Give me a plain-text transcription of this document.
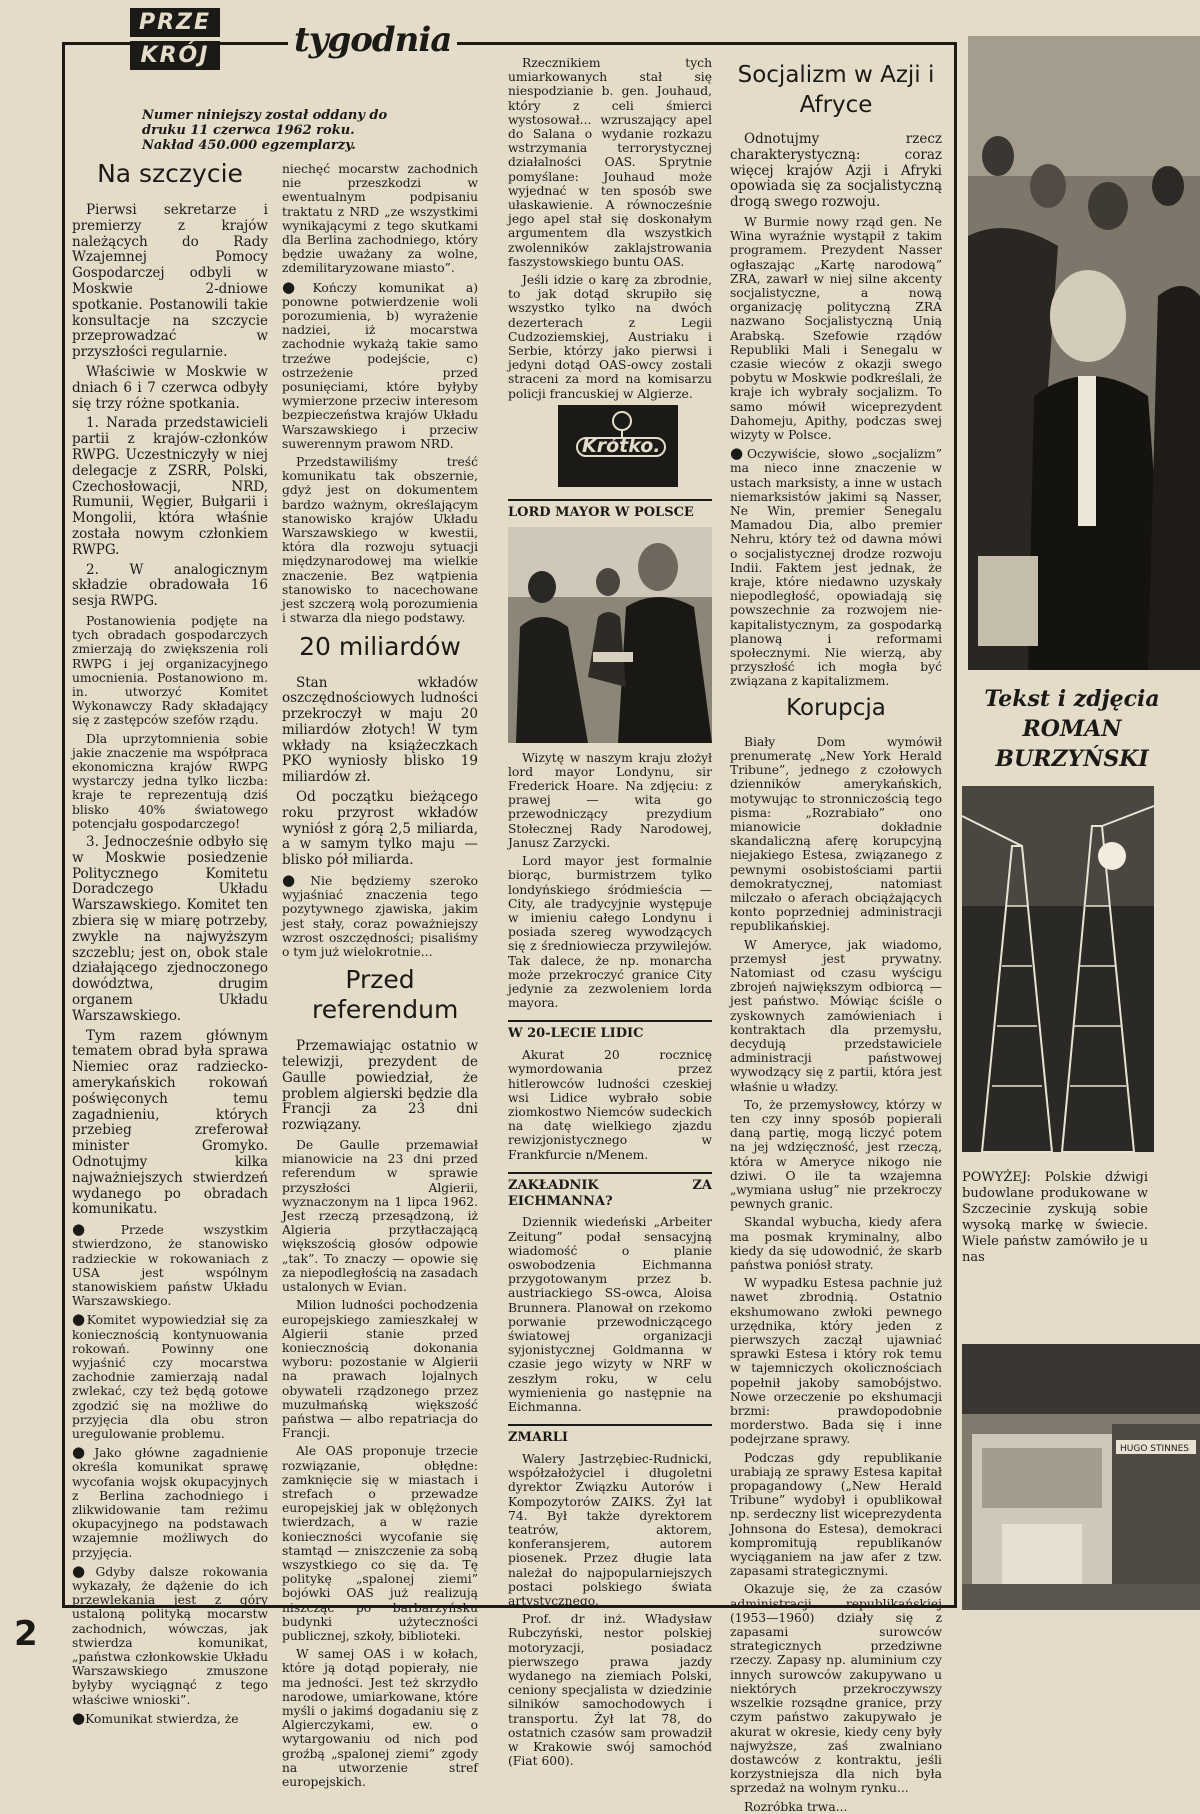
PRZE
KRÓJ	tygodnia

Numer niniejszy został oddany do druku 11 czerwca 1962 roku. Nakład 450.000 egzemplarzy.

Na szczycie

Pierwsi sekretarze i premierzy z krajów należących do Rady Wzajemnej Pomocy Gospodarczej odbyli w Moskwie 2-dniowe spotkanie. Postanowili takie konsultacje na szczycie przeprowadzać w przyszłości regularnie.

Właściwie w Moskwie w dniach 6 i 7 czerwca odbyły się trzy różne spotkania.

1. Narada przedstawicieli partii z krajów-członków RWPG. Uczestniczyły w niej delegacje z ZSRR, Polski, Czechosłowacji, NRD, Rumunii, Węgier, Bułgarii i Mongolii, która właśnie została nowym członkiem RWPG.

2. W analogicznym składzie obradowała 16 sesja RWPG.

Postanowienia podjęte na tych obradach gospodarczych zmierzają do zwiększenia roli RWPG i jej organizacyjnego umocnienia. Postanowiono m. in. utworzyć Komitet Wykonawczy Rady składający się z zastępców szefów rządu.

Dla uprzytomnienia sobie jakie znaczenie ma współpraca ekonomiczna krajów RWPG wystarczy jedna tylko liczba: kraje te reprezentują dziś blisko 40% światowego potencjału gospodarczego!

3. Jednocześnie odbyło się w Moskwie posiedzenie Politycznego Komitetu Doradczego Układu Warszawskiego. Komitet ten zbiera się w miarę potrzeby, zwykle na najwyższym szczeblu; jest on, obok stale działającego zjednoczonego dowództwa, drugim organem Układu Warszawskiego.

Tym razem głównym tematem obrad była sprawa Niemiec oraz radziecko-amerykańskich rokowań poświęconych temu zagadnieniu, których przebieg zreferował minister Gromyko. Odnotujmy kilka najważniejszych stwierdzeń wydanego po obradach komunikatu.

● Przede wszystkim stwierdzono, że stanowisko radzieckie w rokowaniach z USA jest wspólnym stanowiskiem państw Układu Warszawskiego.

● Komitet wypowiedział się za koniecznością kontynuowania rokowań. Powinny one wyjaśnić czy mocarstwa zachodnie zamierzają nadal zwlekać, czy też będą gotowe zgodzić się na możliwe do przyjęcia dla obu stron uregulowanie problemu.

● Jako główne zagadnienie określa komunikat sprawę wycofania wojsk okupacyjnych z Berlina zachodniego i zlikwidowanie tam reżimu okupacyjnego na podstawach wzajemnie możliwych do przyjęcia.

● Gdyby dalsze rokowania wykazały, że dążenie do ich przewlekania jest z góry ustaloną polityką mocarstw zachodnich, wówczas, jak stwierdza komunikat, „państwa członkowskie Układu Warszawskiego zmuszone byłyby wyciągnąć z tego właściwe wnioski”.

● Komunikat stwierdza, że

niechęć mocarstw zachodnich nie przeszkodzi w ewentualnym podpisaniu traktatu z NRD „ze wszystkimi wynikającymi z tego skutkami dla Berlina zachodniego, który będzie uważany za wolne, zdemilitaryzowane miasto”.

● Kończy komunikat a) ponowne potwierdzenie woli porozumienia, b) wyrażenie nadziei, iż mocarstwa zachodnie wykażą takie samo trzeźwe podejście, c) ostrzeżenie przed posunięciami, które byłyby wymierzone przeciw interesom bezpieczeństwa krajów Układu Warszawskiego i przeciw suwerennym prawom NRD.

Przedstawiliśmy treść komunikatu tak obszernie, gdyż jest on dokumentem bardzo ważnym, określającym stanowisko krajów Układu Warszawskiego w kwestii, która dla rozwoju sytuacji międzynarodowej ma wielkie znaczenie. Bez wątpienia stanowisko to nacechowane jest szczerą wolą porozumienia i stwarza dla niego podstawy.

20 miliardów

Stan wkładów oszczędnościowych ludności przekroczył w maju 20 miliardów złotych! W tym wkłady na książeczkach PKO wyniosły blisko 19 miliardów zł.

Od początku bieżącego roku przyrost wkładów wyniósł z górą 2,5 miliarda, a w samym tylko maju — blisko pół miliarda.

● Nie będziemy szeroko wyjaśniać znaczenia tego pozytywnego zjawiska, jakim jest stały, coraz poważniejszy wzrost oszczędności; pisaliśmy o tym już wielokrotnie...

Przed referendum

Przemawiając ostatnio w telewizji, prezydent de Gaulle powiedział, że problem algierski będzie dla Francji za 23 dni rozwiązany.

De Gaulle przemawiał mianowicie na 23 dni przed referendum w sprawie przyszłości Algierii, wyznaczonym na 1 lipca 1962. Jest rzeczą przesądzoną, iż Algieria przytłaczającą większością głosów odpowie „tak”. To znaczy — opowie się za niepodległością na zasadach ustalonych w Evian.

Milion ludności pochodzenia europejskiego zamieszkałej w Algierii stanie przed koniecznością dokonania wyboru: pozostanie w Algierii na prawach lojalnych obywateli rządzonego przez muzułmańską większość państwa — albo repatriacja do Francji.

Ale OAS proponuje trzecie rozwiązanie, obłędne: zamknięcie się w miastach i strefach o przewadze europejskiej jak w oblężonych twierdzach, a w razie konieczności wycofanie się stamtąd — zniszczenie za sobą wszystkiego co się da. Tę politykę „spalonej ziemi” bojówki OAS już realizują niszcząc po barbarzyńsku budynki użyteczności publicznej, szkoły, biblioteki.

W samej OAS i w kołach, które ją dotąd popierały, nie ma jedności. Jest też skrzydło narodowe, umiarkowane, które myśli o jakimś dogadaniu się z Algierczykami, ew. o wytargowaniu od nich pod groźbą „spalonej ziemi” zgody na utworzenie stref europejskich.

Rzecznikiem tych umiarkowanych stał się niespodzianie b. gen. Jouhaud, który z celi śmierci wystosował... wzruszający apel do Salana o wydanie rozkazu wstrzymania terrorystycznej działalności OAS. Sprytnie pomyślane: Jouhaud może wyjednać w ten sposób swe ułaskawienie. A równocześnie jego apel stał się doskonałym argumentem dla wszystkich zwolenników zaklajstrowania faszystowskiego buntu OAS.

Jeśli idzie o karę za zbrodnie, to jak dotąd skrupiło się wszystko tylko na dwóch dezerterach z Legii Cudzoziemskiej, Austriaku i Serbie, którzy jako pierwsi i jedyni dotąd OAS-owcy zostali straceni za mord na komisarzu policji francuskiej w Algierze.

Krótko.
LORD MAYOR W POLSCE

Wizytę w naszym kraju złożył lord mayor Londynu, sir Frederick Hoare. Na zdjęciu: z prawej — wita go przewodniczący prezydium Stołecznej Rady Narodowej, Janusz Zarzycki.

Lord mayor jest formalnie biorąc, burmistrzem tylko londyńskiego śródmieścia — City, ale tradycyjnie występuje w imieniu całego Londynu i posiada szereg wywodzących się z średniowiecza przywilejów. Tak dalece, że np. monarcha może przekroczyć granice City jedynie za zezwoleniem lorda mayora.

W 20-LECIE LIDIC

Akurat 20 rocznicę wymordowania przez hitlerowców ludności czeskiej wsi Lidice wybrało sobie ziomkostwo Niemców sudeckich na datę wielkiego zjazdu rewizjonistycznego w Frankfurcie n/Menem.

ZAKŁADNIK ZA EICHMANNA?

Dziennik wiedeński „Arbeiter Zeitung” podał sensacyjną wiadomość o planie oswobodzenia Eichmanna przygotowanym przez b. austriackiego SS-owca, Aloisa Brunnera. Planował on rzekomo porwanie przewodniczącego światowej organizacji syjonistycznej Goldmanna w czasie jego wizyty w NRF w zeszłym roku, w celu wymienienia go następnie na Eichmanna.

ZMARLI

Walery Jastrzębiec-Rudnicki, współzałożyciel i długoletni dyrektor Związku Autorów i Kompozytorów ZAIKS. Żył lat 74. Był także dyrektorem teatrów, aktorem, konferansjerem, autorem piosenek. Przez długie lata należał do najpopularniejszych postaci polskiego świata artystycznego.

Prof. dr inż. Władysław Rubczyński, nestor polskiej motoryzacji, posiadacz pierwszego prawa jazdy wydanego na ziemiach Polski, ceniony specjalista w dziedzinie silników samochodowych i transportu. Żył lat 78, do ostatnich czasów sam prowadził w Krakowie swój samochód (Fiat 600).

Socjalizm w Azji i Afryce

Odnotujmy rzecz charakterystyczną: coraz więcej krajów Azji i Afryki opowiada się za socjalistyczną drogą swego rozwoju.

W Burmie nowy rząd gen. Ne Wina wyraźnie wystąpił z takim programem. Prezydent Nasser ogłaszając „Kartę narodową” ZRA, zawarł w niej silne akcenty socjalistyczne, a nową organizację polityczną ZRA nazwano Socjalistyczną Unią Arabską. Szefowie rządów Republiki Mali i Senegalu w czasie wieców z okazji swego pobytu w Moskwie podkreślali, że kraje ich wybrały socjalizm. To samo mówił wiceprezydent Dahomeju, Apithy, podczas swej wizyty w Polsce.

● Oczywiście, słowo „socjalizm” ma nieco inne znaczenie w ustach marksisty, a inne w ustach niemarksistów jakimi są Nasser, Ne Win, premier Senegalu Mamadou Dia, albo premier Nehru, który też od dawna mówi o socjalistycznej drodze rozwoju Indii. Faktem jest jednak, że kraje, które niedawno uzyskały niepodległość, opowiadają się powszechnie za rozwojem nie-kapitalistycznym, za gospodarką planową i reformami społecznymi. Nie wierzą, aby przyszłość ich mogła być związana z kapitalizmem.

Korupcja

Biały Dom wymówił prenumeratę „New York Herald Tribune”, jednego z czołowych dzienników amerykańskich, motywując to stronniczością tego pisma: „Rozrabiało” ono mianowicie dokładnie skandaliczną aferę korupcyjną niejakiego Estesa, związanego z pewnymi osobistościami partii demokratycznej, natomiast milczało o aferach obciążających konto poprzedniej administracji republikańskiej.

W Ameryce, jak wiadomo, przemysł jest prywatny. Natomiast od czasu wyścigu zbrojeń największym odbiorcą — jest państwo. Mówiąc ściśle o zyskownych zamówieniach i kontraktach dla przemysłu, decydują przedstawiciele administracji państwowej wywodzący się z partii, która jest właśnie u władzy.

To, że przemysłowcy, którzy w ten czy inny sposób popierali daną partię, mogą liczyć potem na jej wdzięczność, jest rzeczą, która w Ameryce nikogo nie dziwi. O ile ta wzajemna „wymiana usług” nie przekroczy pewnych granic.

Skandal wybucha, kiedy afera ma posmak kryminalny, albo kiedy da się udowodnić, że skarb państwa poniósł straty.

W wypadku Estesa pachnie już nawet zbrodnią. Ostatnio ekshumowano zwłoki pewnego urzędnika, który jeden z pierwszych zaczął ujawniać sprawki Estesa i który rok temu w tajemniczych okolicznościach popełnił jakoby samobójstwo. Nowe orzeczenie po ekshumacji brzmi: prawdopodobnie morderstwo. Bada się i inne podejrzane sprawy.

Podczas gdy republikanie urabiają ze sprawy Estesa kapitał propagandowy („New Herald Tribune” wydobył i opublikował np. serdeczny list wiceprezydenta Johnsona do Estesa), demokraci kompromitują republikanów wyciąganiem na jaw afer z tzw. zapasami strategicznymi.

Okazuje się, że za czasów administracji republikańskiej (1953—1960) działy się z zapasami surowców strategicznych przedziwne rzeczy. Zapasy np. aluminium czy innych surowców zakupywano u niektórych przekroczywszy wszelkie rozsądne granice, przy czym państwo zakupywało je akurat w okresie, kiedy ceny były najwyższe, zaś zwalniano dostawców z kontraktu, jeśli korzystniejsza dla nich była sprzedaż na wolnym rynku...

Rozróbka trwa...

Tekst i zdjęcia
ROMAN
BURZYŃSKI

POWYŻEJ: Polskie dźwigi budowlane produkowane w Szczecinie zyskują sobie wysoką markę w świecie. Wiele państw zamówiło je u nas

HUGO STINNES
2
